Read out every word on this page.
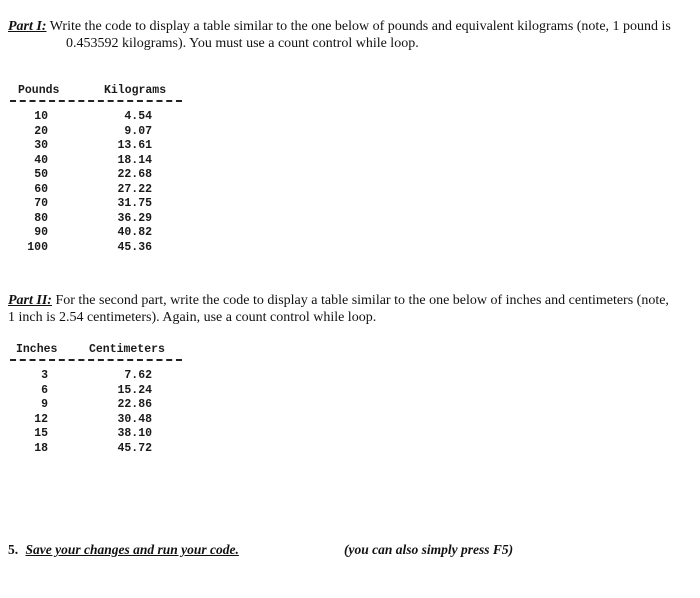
Part I: Write the code to display a table similar to the one below of pounds and equivalent kilograms (note, 1 pound is
0.453592 kilograms). You must use a count control while loop.
Pounds	Kilograms
10	4.54
20	9.07
30	13.61
40	18.14
50	22.68
60	27.22
70	31.75
80	36.29
90	40.82
100	45.36
Part II: For the second part, write the code to display a table similar to the one below of inches and centimeters (note,
1 inch is 2.54 centimeters). Again, use a count control while loop.
Inches	Centimeters
3	7.62
6	15.24
9	22.86
12	30.48
15	38.10
18	45.72
5. Save your changes and run your code.	(you can also simply press F5)
